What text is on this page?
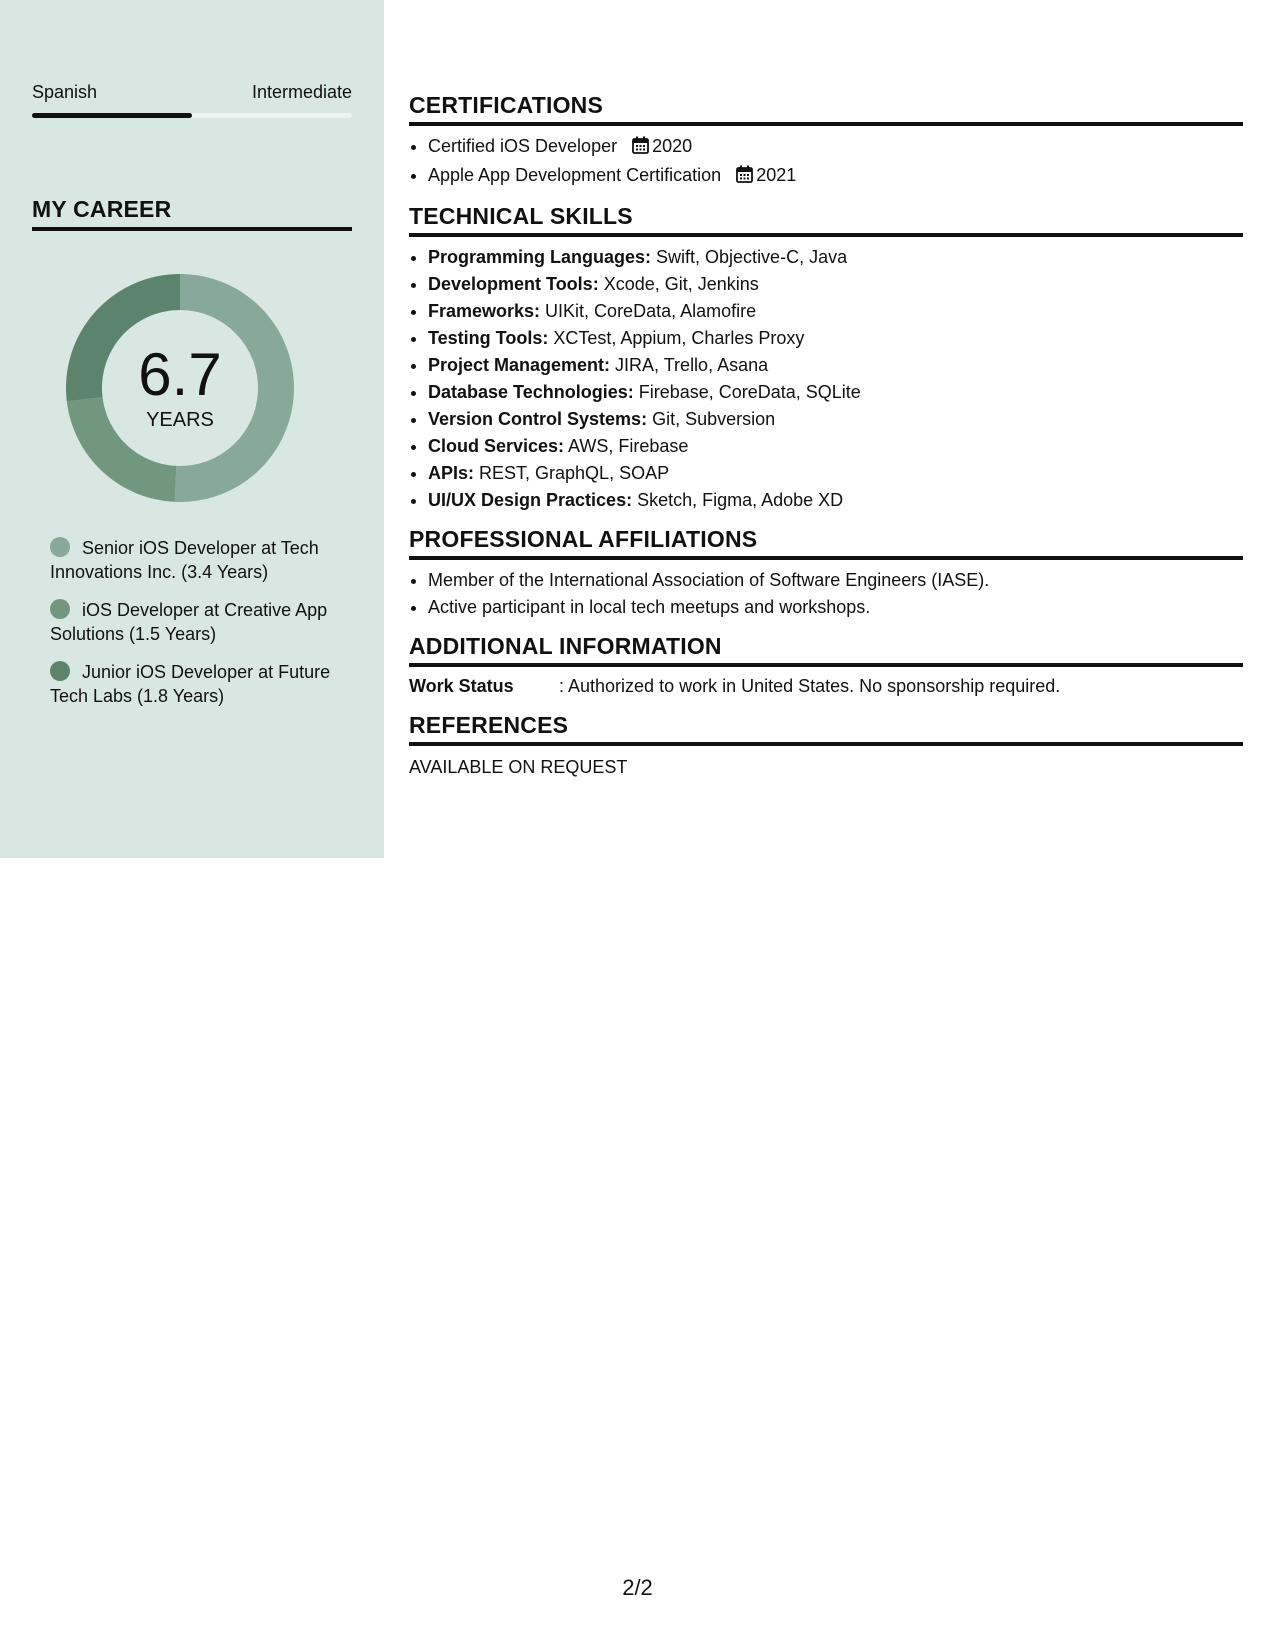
Spanish	Intermediate
MY CAREER
6.7
YEARS
Senior iOS Developer at Tech Innovations Inc. (3.4 Years)
iOS Developer at Creative App Solutions (1.5 Years)
Junior iOS Developer at Future Tech Labs (1.8 Years)
CERTIFICATIONS
• Certified iOS Developer 2020
• Apple App Development Certification 2021
TECHNICAL SKILLS
• Programming Languages: Swift, Objective-C, Java
• Development Tools: Xcode, Git, Jenkins
• Frameworks: UIKit, CoreData, Alamofire
• Testing Tools: XCTest, Appium, Charles Proxy
• Project Management: JIRA, Trello, Asana
• Database Technologies: Firebase, CoreData, SQLite
• Version Control Systems: Git, Subversion
• Cloud Services: AWS, Firebase
• APIs: REST, GraphQL, SOAP
• UI/UX Design Practices: Sketch, Figma, Adobe XD
PROFESSIONAL AFFILIATIONS
• Member of the International Association of Software Engineers (IASE).
• Active participant in local tech meetups and workshops.
ADDITIONAL INFORMATION
Work Status	: Authorized to work in United States. No sponsorship required.
REFERENCES
AVAILABLE ON REQUEST
2/2
